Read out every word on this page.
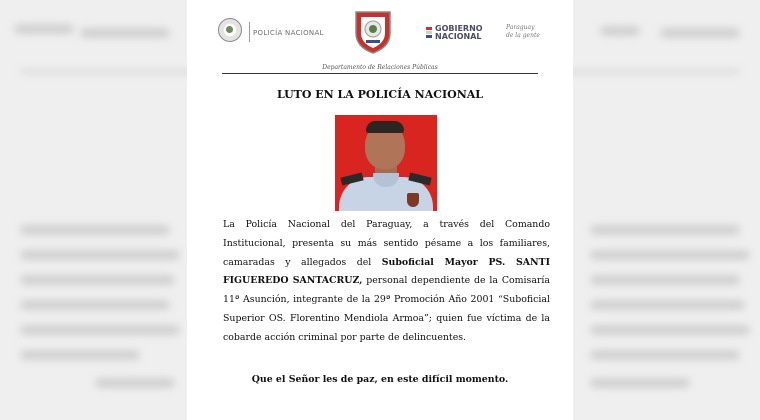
POLICÍA NACIONAL	GOBIERNO
NACIONAL
Paraguay
de la gente
Departamento de Relaciones Públicas
LUTO EN LA POLICÍA NACIONAL
La Policía Nacional del Paraguay, a través del Comando Institucional, presenta su más sentido pésame a los familiares, camaradas y allegados del Suboficial Mayor PS. SANTI FIGUEREDO SANTACRUZ, personal dependiente de la Comisaría 11ª Asunción, integrante de la 29ª Promoción Año 2001 “Suboficial Superior OS. Florentino Mendiola Armoa”; quien fue víctima de la cobarde acción criminal por parte de delincuentes.
Que el Señor les de paz, en este difícil momento.
